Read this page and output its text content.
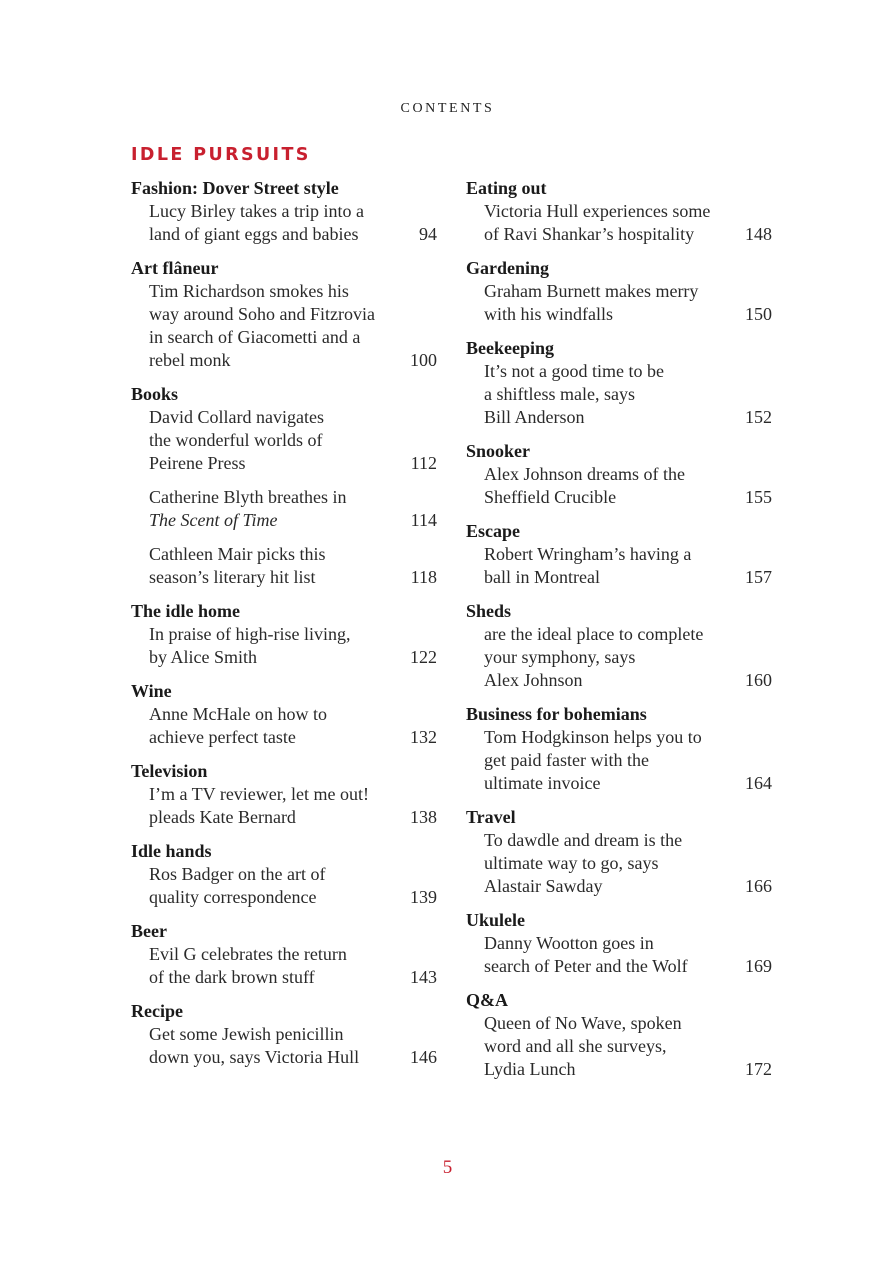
CONTENTS
IDLE PURSUITS
Fashion: Dover Street style
Lucy Birley takes a trip into a
land of giant eggs and babies	94
Art flâneur
Tim Richardson smokes his
way around Soho and Fitzrovia
in search of Giacometti and a
rebel monk	100
Books
David Collard navigates
the wonderful worlds of
Peirene Press	112
Catherine Blyth breathes in
The Scent of Time	114
Cathleen Mair picks this
season’s literary hit list	118
The idle home
In praise of high-rise living,
by Alice Smith	122
Wine
Anne McHale on how to
achieve perfect taste	132
Television
I’m a TV reviewer, let me out!
pleads Kate Bernard	138
Idle hands
Ros Badger on the art of
quality correspondence	139
Beer
Evil G celebrates the return
of the dark brown stuff	143
Recipe
Get some Jewish penicillin
down you, says Victoria Hull	146
Eating out
Victoria Hull experiences some
of Ravi Shankar’s hospitality	148
Gardening
Graham Burnett makes merry
with his windfalls	150
Beekeeping
It’s not a good time to be
a shiftless male, says
Bill Anderson	152
Snooker
Alex Johnson dreams of the
Sheffield Crucible	155
Escape
Robert Wringham’s having a
ball in Montreal	157
Sheds
are the ideal place to complete
your symphony, says
Alex Johnson	160
Business for bohemians
Tom Hodgkinson helps you to
get paid faster with the
ultimate invoice	164
Travel
To dawdle and dream is the
ultimate way to go, says
Alastair Sawday	166
Ukulele
Danny Wootton goes in
search of Peter and the Wolf	169
Q&A
Queen of No Wave, spoken
word and all she surveys,
Lydia Lunch	172
5
